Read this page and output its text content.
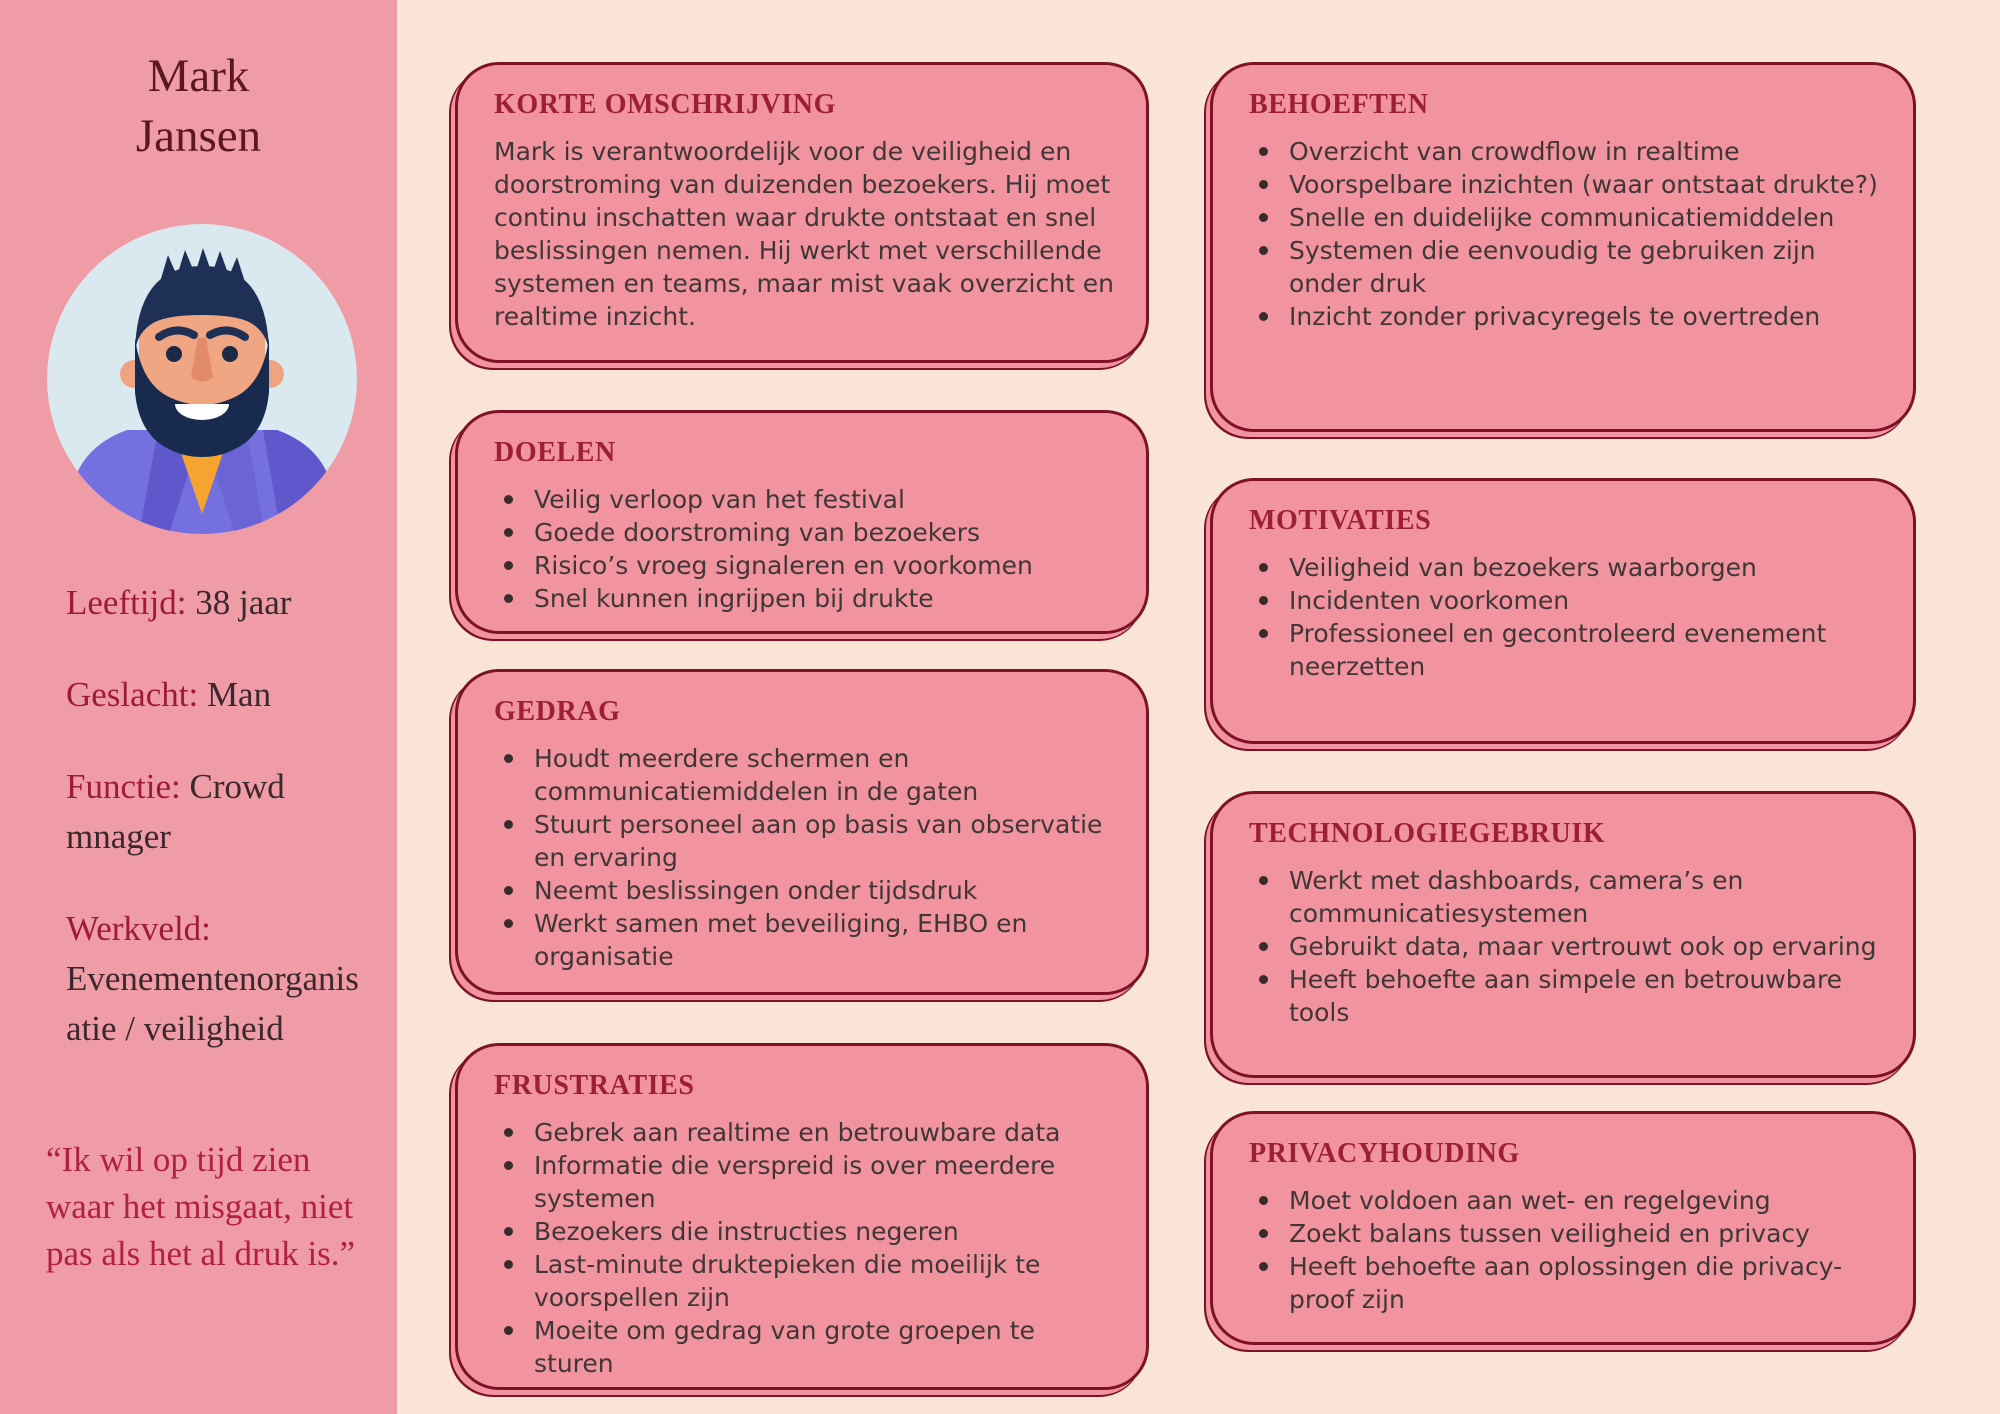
Mark
Jansen
Leeftijd: 38 jaar
Geslacht: Man
Functie: Crowd mnager
Werkveld: Evenementenorganisatie / veiligheid
“Ik wil op tijd zien waar het misgaat, niet pas als het al druk is.”
KORTE OMSCHRIJVING
Mark is verantwoordelijk voor de veiligheid en doorstroming van duizenden bezoekers. Hij moet continu inschatten waar drukte ontstaat en snel beslissingen nemen. Hij werkt met verschillende systemen en teams, maar mist vaak overzicht en realtime inzicht.
DOELEN
Veilig verloop van het festival
Goede doorstroming van bezoekers
Risico’s vroeg signaleren en voorkomen
Snel kunnen ingrijpen bij drukte
GEDRAG
Houdt meerdere schermen en communicatiemiddelen in de gaten
Stuurt personeel aan op basis van observatie en ervaring
Neemt beslissingen onder tijdsdruk
Werkt samen met beveiliging, EHBO en organisatie
FRUSTRATIES
Gebrek aan realtime en betrouwbare data
Informatie die verspreid is over meerdere systemen
Bezoekers die instructies negeren
Last-minute druktepieken die moeilijk te voorspellen zijn
Moeite om gedrag van grote groepen te sturen
BEHOEFTEN
Overzicht van crowdflow in realtime
Voorspelbare inzichten (waar ontstaat drukte?)
Snelle en duidelijke communicatiemiddelen
Systemen die eenvoudig te gebruiken zijn onder druk
Inzicht zonder privacyregels te overtreden
MOTIVATIES
Veiligheid van bezoekers waarborgen
Incidenten voorkomen
Professioneel en gecontroleerd evenement neerzetten
TECHNOLOGIEGEBRUIK
Werkt met dashboards, camera’s en communicatiesystemen
Gebruikt data, maar vertrouwt ook op ervaring
Heeft behoefte aan simpele en betrouwbare tools
PRIVACYHOUDING
Moet voldoen aan wet- en regelgeving
Zoekt balans tussen veiligheid en privacy
Heeft behoefte aan oplossingen die privacy-proof zijn
